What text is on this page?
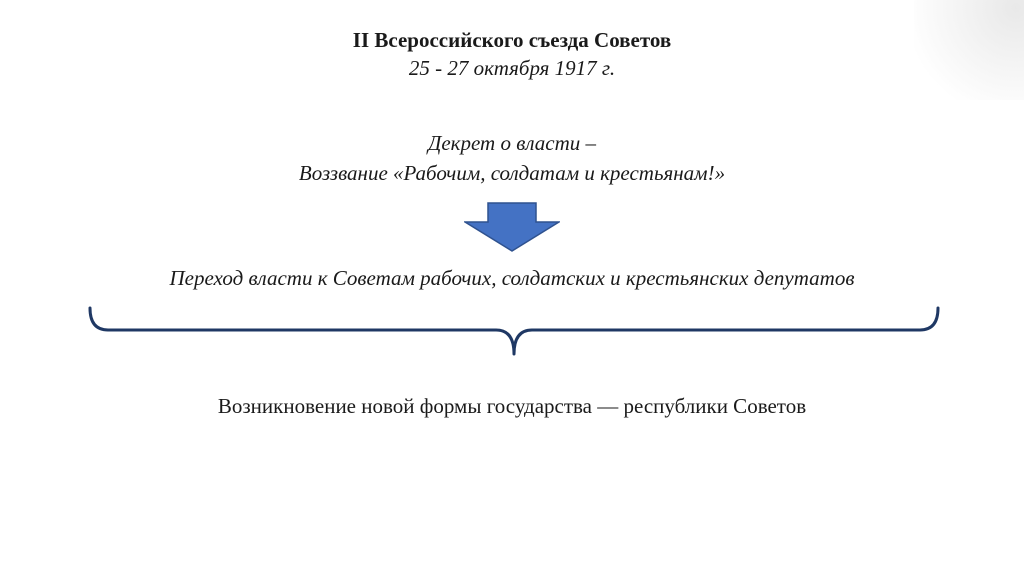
II Всероссийского съезда Советов
25 - 27 октября 1917 г.
Декрет о власти –
Воззвание «Рабочим, солдатам и крестьянам!»
Переход власти к Советам рабочих, солдатских и крестьянских депутатов
Возникновение новой формы государства — республики Советов
